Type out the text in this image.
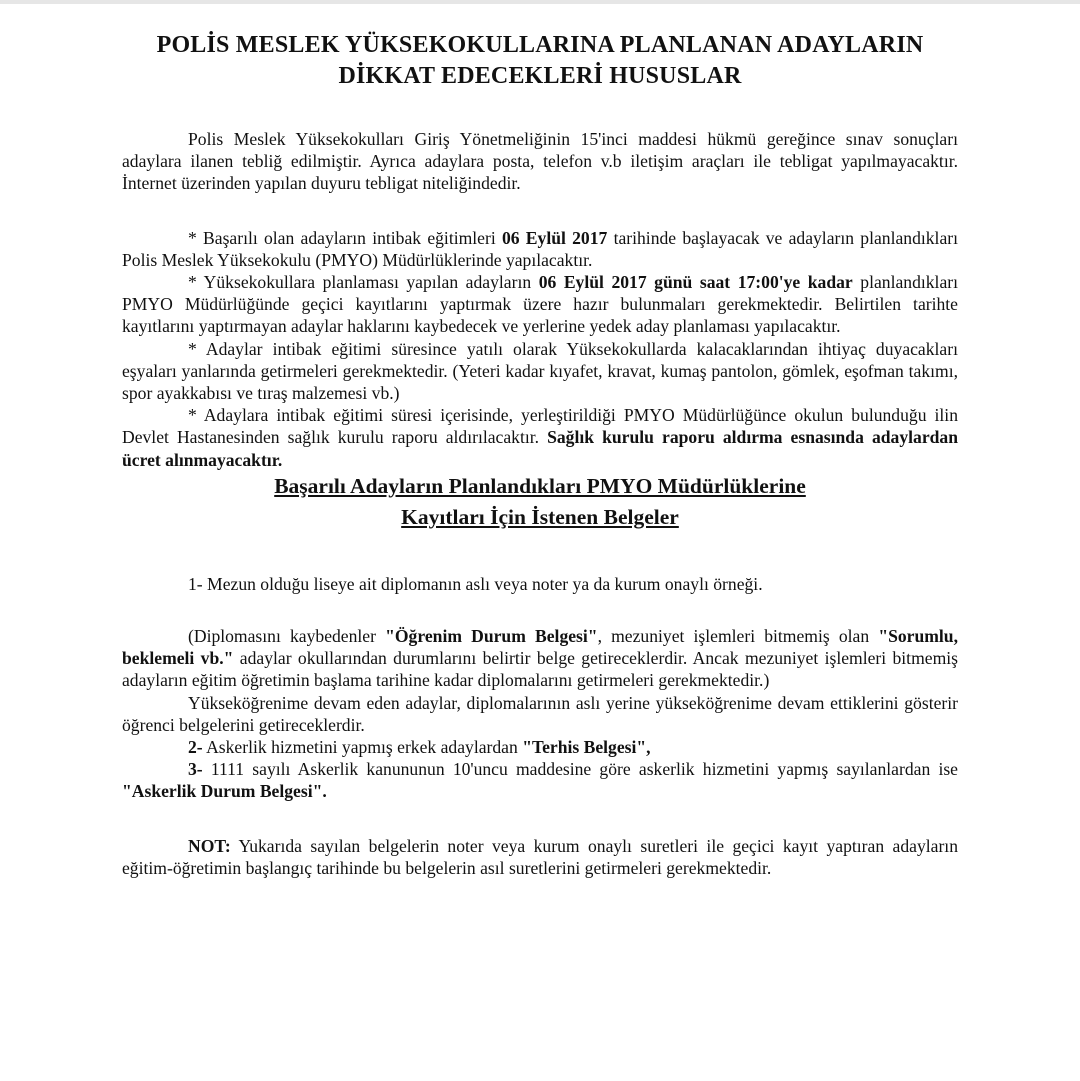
POLİS MESLEK YÜKSEKOKULLARINA PLANLANAN ADAYLARIN
DİKKAT EDECEKLERİ HUSUSLAR

Polis Meslek Yüksekokulları Giriş Yönetmeliğinin 15'inci maddesi hükmü gereğince sınav sonuçları adaylara ilanen tebliğ edilmiştir. Ayrıca adaylara posta, telefon v.b iletişim araçları ile tebligat yapılmayacaktır. İnternet üzerinden yapılan duyuru tebligat niteliğindedir.

* Başarılı olan adayların intibak eğitimleri 06 Eylül 2017 tarihinde başlayacak ve adayların planlandıkları Polis Meslek Yüksekokulu (PMYO) Müdürlüklerinde yapılacaktır.

* Yüksekokullara planlaması yapılan adayların 06 Eylül 2017 günü saat 17:00'ye kadar planlandıkları PMYO Müdürlüğünde geçici kayıtlarını yaptırmak üzere hazır bulunmaları gerekmektedir. Belirtilen tarihte kayıtlarını yaptırmayan adaylar haklarını kaybedecek ve yerlerine yedek aday planlaması yapılacaktır.

* Adaylar intibak eğitimi süresince yatılı olarak Yüksekokullarda kalacaklarından ihtiyaç duyacakları eşyaları yanlarında getirmeleri gerekmektedir. (Yeteri kadar kıyafet, kravat, kumaş pantolon, gömlek, eşofman takımı, spor ayakkabısı ve tıraş malzemesi vb.)

* Adaylara intibak eğitimi süresi içerisinde, yerleştirildiği PMYO Müdürlüğünce okulun bulunduğu ilin Devlet Hastanesinden sağlık kurulu raporu aldırılacaktır. Sağlık kurulu raporu aldırma esnasında adaylardan ücret alınmayacaktır.

Başarılı Adayların Planlandıkları PMYO Müdürlüklerine
Kayıtları İçin İstenen Belgeler

1- Mezun olduğu liseye ait diplomanın aslı veya noter ya da kurum onaylı örneği.

(Diplomasını kaybedenler "Öğrenim Durum Belgesi", mezuniyet işlemleri bitmemiş olan "Sorumlu, beklemeli vb." adaylar okullarından durumlarını belirtir belge getireceklerdir. Ancak mezuniyet işlemleri bitmemiş adayların eğitim öğretimin başlama tarihine kadar diplomalarını getirmeleri gerekmektedir.)

Yükseköğrenime devam eden adaylar, diplomalarının aslı yerine yükseköğrenime devam ettiklerini gösterir öğrenci belgelerini getireceklerdir.

2- Askerlik hizmetini yapmış erkek adaylardan "Terhis Belgesi",

3- 1111 sayılı Askerlik kanununun 10'uncu maddesine göre askerlik hizmetini yapmış sayılanlardan ise "Askerlik Durum Belgesi".

NOT: Yukarıda sayılan belgelerin noter veya kurum onaylı suretleri ile geçici kayıt yaptıran adayların eğitim-öğretimin başlangıç tarihinde bu belgelerin asıl suretlerini getirmeleri gerekmektedir.
